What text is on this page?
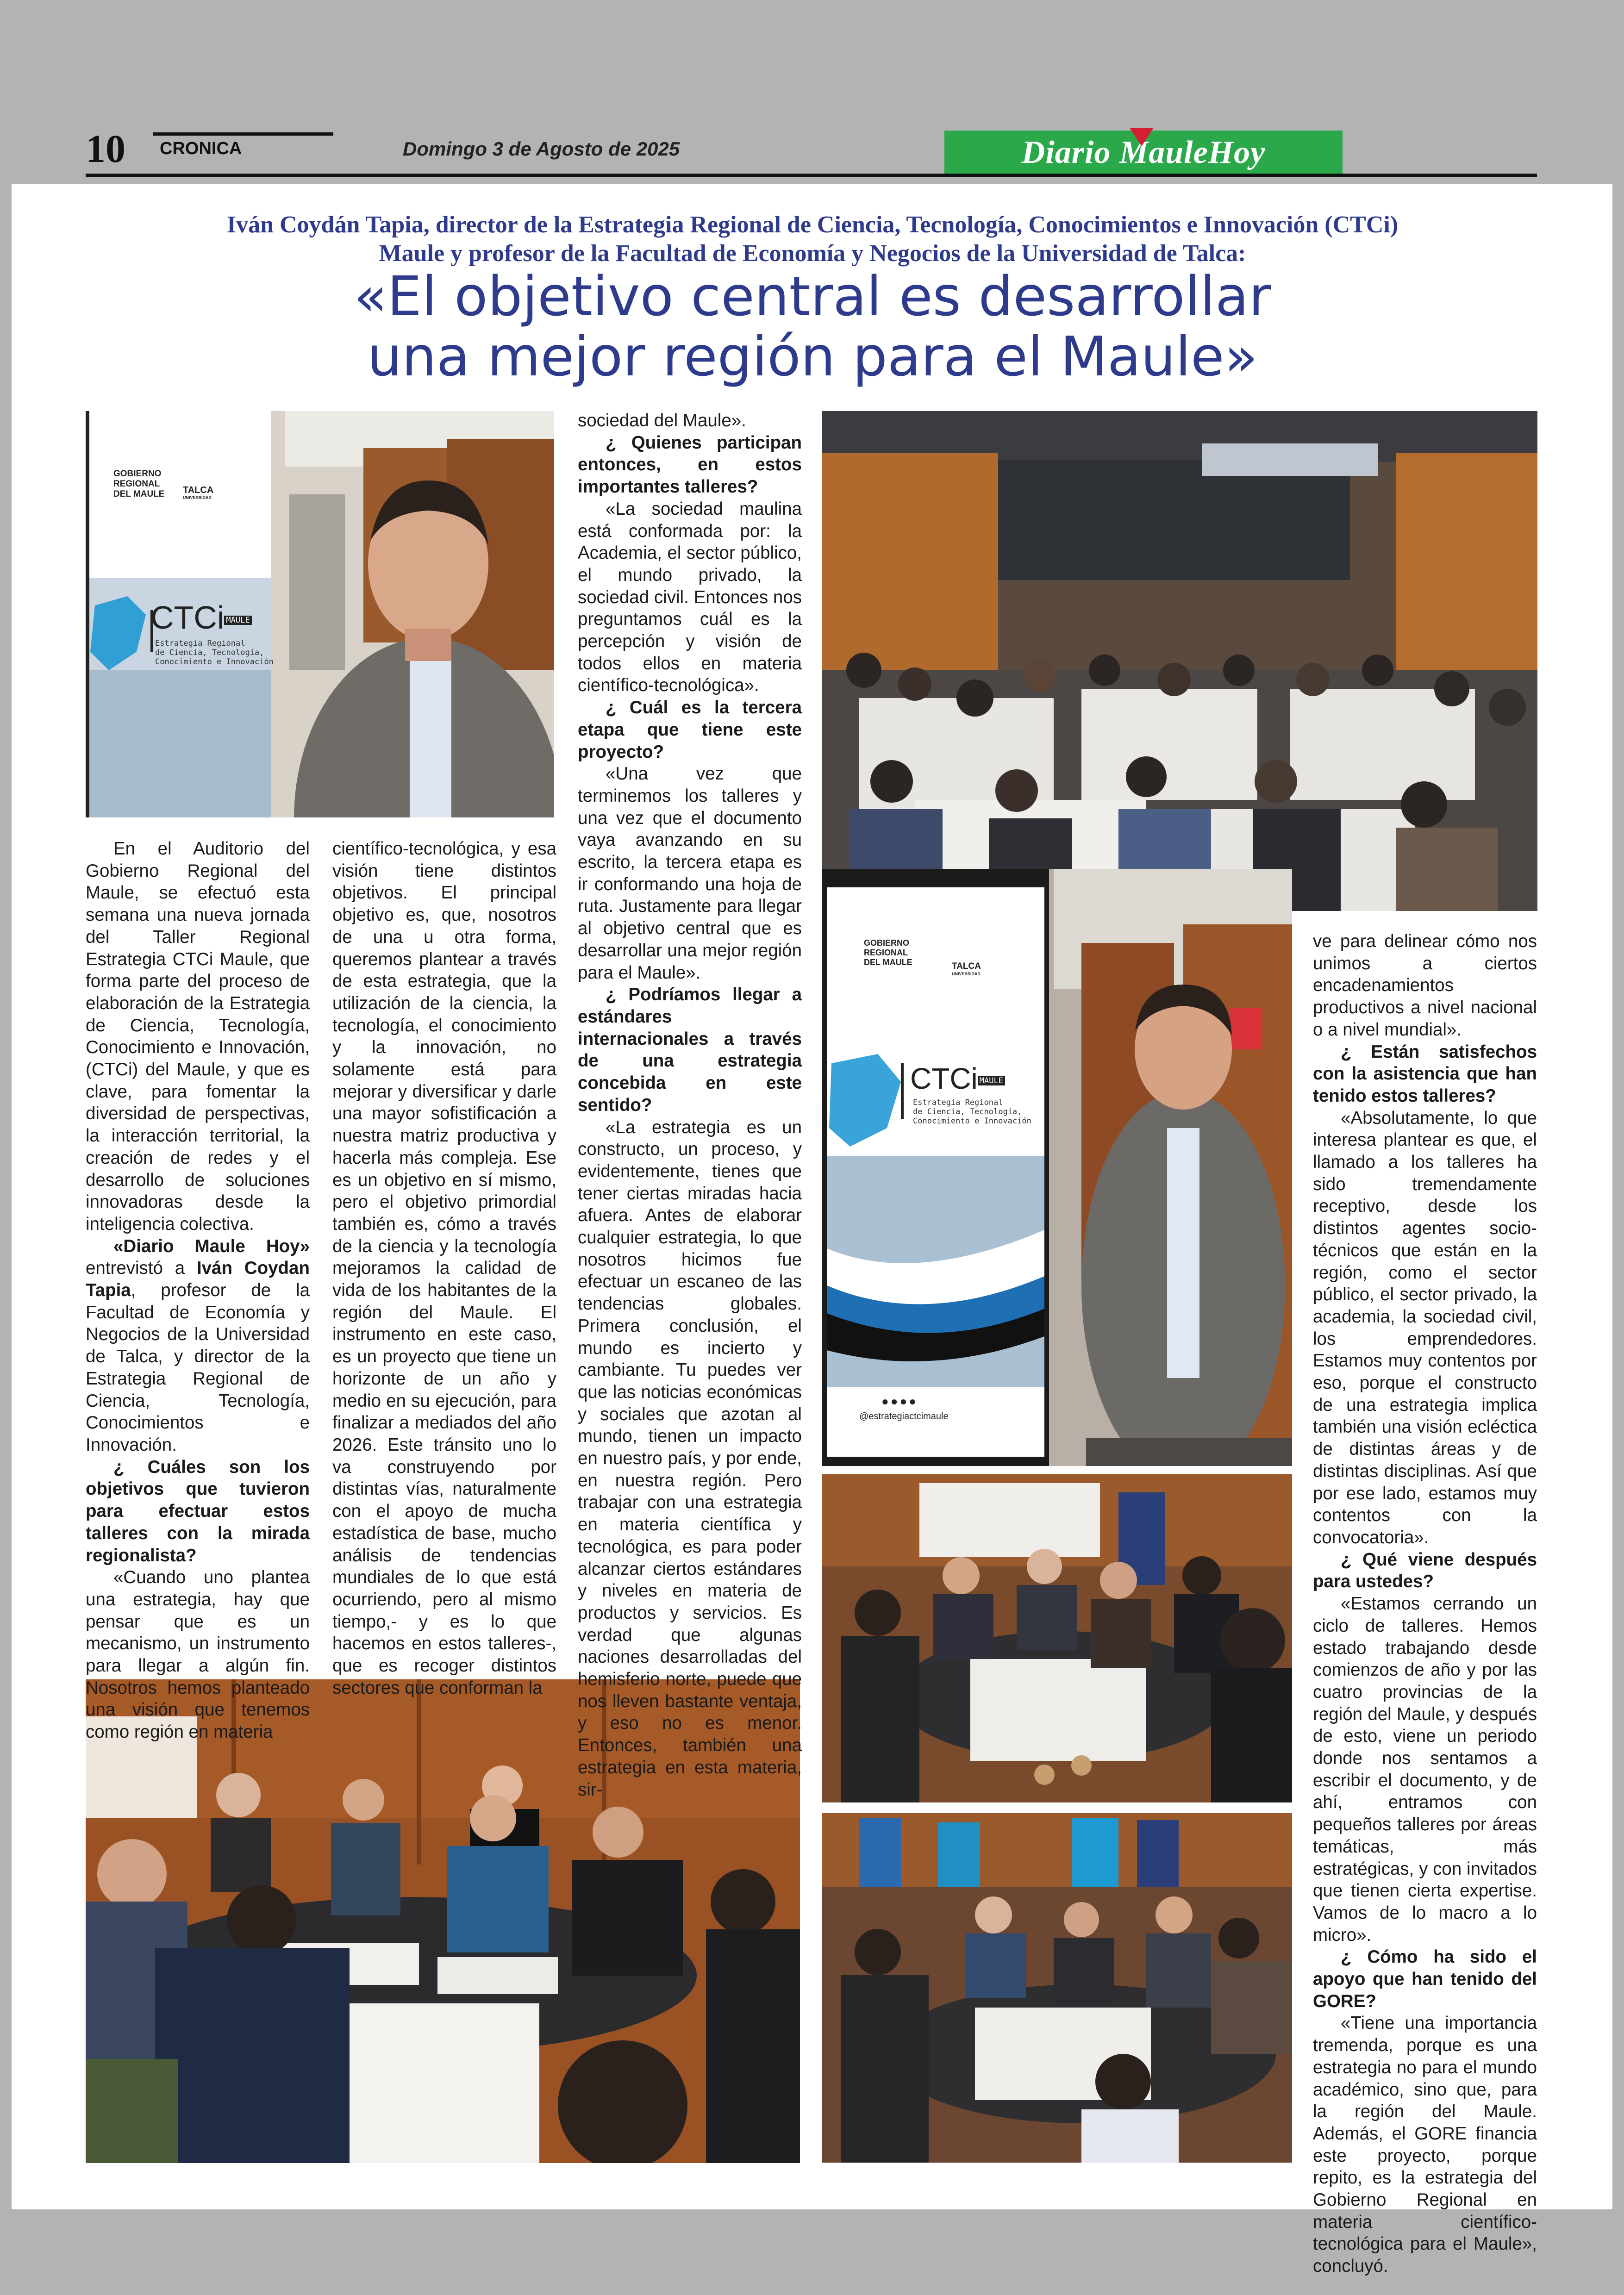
10 CRONICA	Domingo 3 de Agosto de 2025	Diario MauleHoy
Iván Coydán Tapia, director de la Estrategia Regional de Ciencia, Tecnología, Conocimientos e Innovación (CTCi)
Maule y profesor de la Facultad de Economía y Negocios de la Universidad de Talca:
«El objetivo central es desarrollar
una mejor región para el Maule»
GOBIERNO
REGIONAL
DEL MAULE TALCA
UNIVERSIDAD
CTCi MAULE
Estrategia Regional
de Ciencia, Tecnología,
Conocimiento e Innovación
GOBIERNO
REGIONAL
DEL MAULE	TALCA
UNIVERSIDAD
CTCi MAULE
Estrategia Regional
de Ciencia, Tecnología,
Conocimiento e Innovación
●●●●
@estrategiactcimaule

En el Auditorio del Gobierno Regional del Maule, se efectuó esta semana una nueva jornada del Taller Regional Estrategia CTCi Maule, que forma parte del proceso de elaboración de la Estrategia de Ciencia, Tecnología, Conocimiento e Innovación, (CTCi) del Maule, y que es clave, para fomentar la diversidad de perspectivas, la interacción territorial, la creación de redes y el desarrollo de soluciones innovadoras desde la inteligencia colectiva.

«Diario Maule Hoy» entrevistó a Iván Coydan Tapia, profesor de la Facultad de Economía y Negocios de la Universidad de Talca, y director de la Estrategia Regional de Ciencia, Tecnología, Conocimientos e Innovación.

¿ Cuáles son los objetivos que tuvieron para efectuar estos talleres con la mirada regionalista?

«Cuando uno plantea una estrategia, hay que pensar que es un mecanismo, un instrumento para llegar a algún fin. Nosotros hemos planteado una visión que tenemos como región en materia

científico-tecnológica, y esa visión tiene distintos objetivos. El principal objetivo es, que, nosotros de una u otra forma, queremos plantear a través de esta estrategia, que la utilización de la ciencia, la tecnología, el conocimiento y la innovación, no solamente está para mejorar y diversificar y darle una mayor sofistificación a nuestra matriz productiva y hacerla más compleja. Ese es un objetivo en sí mismo, pero el objetivo primordial también es, cómo a través de la ciencia y la tecnología mejoramos la calidad de vida de los habitantes de la región del Maule. El instrumento en este caso, es un proyecto que tiene un horizonte de un año y medio en su ejecución, para finalizar a mediados del año 2026. Este tránsito uno lo va construyendo por distintas vías, naturalmente con el apoyo de mucha estadística de base, mucho análisis de tendencias mundiales de lo que está ocurriendo, pero al mismo tiempo,- y es lo que hacemos en estos talleres-, que es recoger distintos sectores que conforman la

sociedad del Maule».

¿ Quienes participan entonces, en estos importantes talleres?

«La sociedad maulina está conformada por: la Academia, el sector público, el mundo privado, la sociedad civil. Entonces nos preguntamos cuál es la percepción y visión de todos ellos en materia científico-tecnológica».

¿ Cuál es la tercera etapa que tiene este proyecto?

«Una vez que terminemos los talleres y una vez que el documento vaya avanzando en su escrito, la tercera etapa es ir conformando una hoja de ruta. Justamente para llegar al objetivo central que es desarrollar una mejor región para el Maule».

¿ Podríamos llegar a estándares internacionales a través de una estrategia concebida en este sentido?

«La estrategia es un constructo, un proceso, y evidentemente, tienes que tener ciertas miradas hacia afuera. Antes de elaborar cualquier estrategia, lo que nosotros hicimos fue efectuar un escaneo de las tendencias globales. Primera conclusión, el mundo es incierto y cambiante. Tu puedes ver que las noticias económicas y sociales que azotan al mundo, tienen un impacto en nuestro país, y por ende, en nuestra región. Pero trabajar con una estrategia en materia científica y tecnológica, es para poder alcanzar ciertos estándares y niveles en materia de productos y servicios. Es verdad que algunas naciones desarrolladas del hemisferio norte, puede que nos lleven bastante ventaja, y eso no es menor. Entonces, también una estrategia en esta materia, sir-

ve para delinear cómo nos unimos a ciertos encadenamientos productivos a nivel nacional o a nivel mundial».

¿ Están satisfechos con la asistencia que han tenido estos talleres?

«Absolutamente, lo que interesa plantear es que, el llamado a los talleres ha sido tremendamente receptivo, desde los distintos agentes socio-técnicos que están en la región, como el sector público, el sector privado, la academia, la sociedad civil, los emprendedores. Estamos muy contentos por eso, porque el constructo de una estrategia implica también una visión ecléctica de distintas áreas y de distintas disciplinas. Así que por ese lado, estamos muy contentos con la convocatoria».

¿ Qué viene después para ustedes?

«Estamos cerrando un ciclo de talleres. Hemos estado trabajando desde comienzos de año y por las cuatro provincias de la región del Maule, y después de esto, viene un periodo donde nos sentamos a escribir el documento, y de ahí, entramos con pequeños talleres por áreas temáticas, más estratégicas, y con invitados que tienen cierta expertise. Vamos de lo macro a lo micro».

¿ Cómo ha sido el apoyo que han tenido del GORE?

«Tiene una importancia tremenda, porque es una estrategia no para el mundo académico, sino que, para la región del Maule. Además, el GORE financia este proyecto, porque repito, es la estrategia del Gobierno Regional en materia científico- tecnológica para el Maule», concluyó.
